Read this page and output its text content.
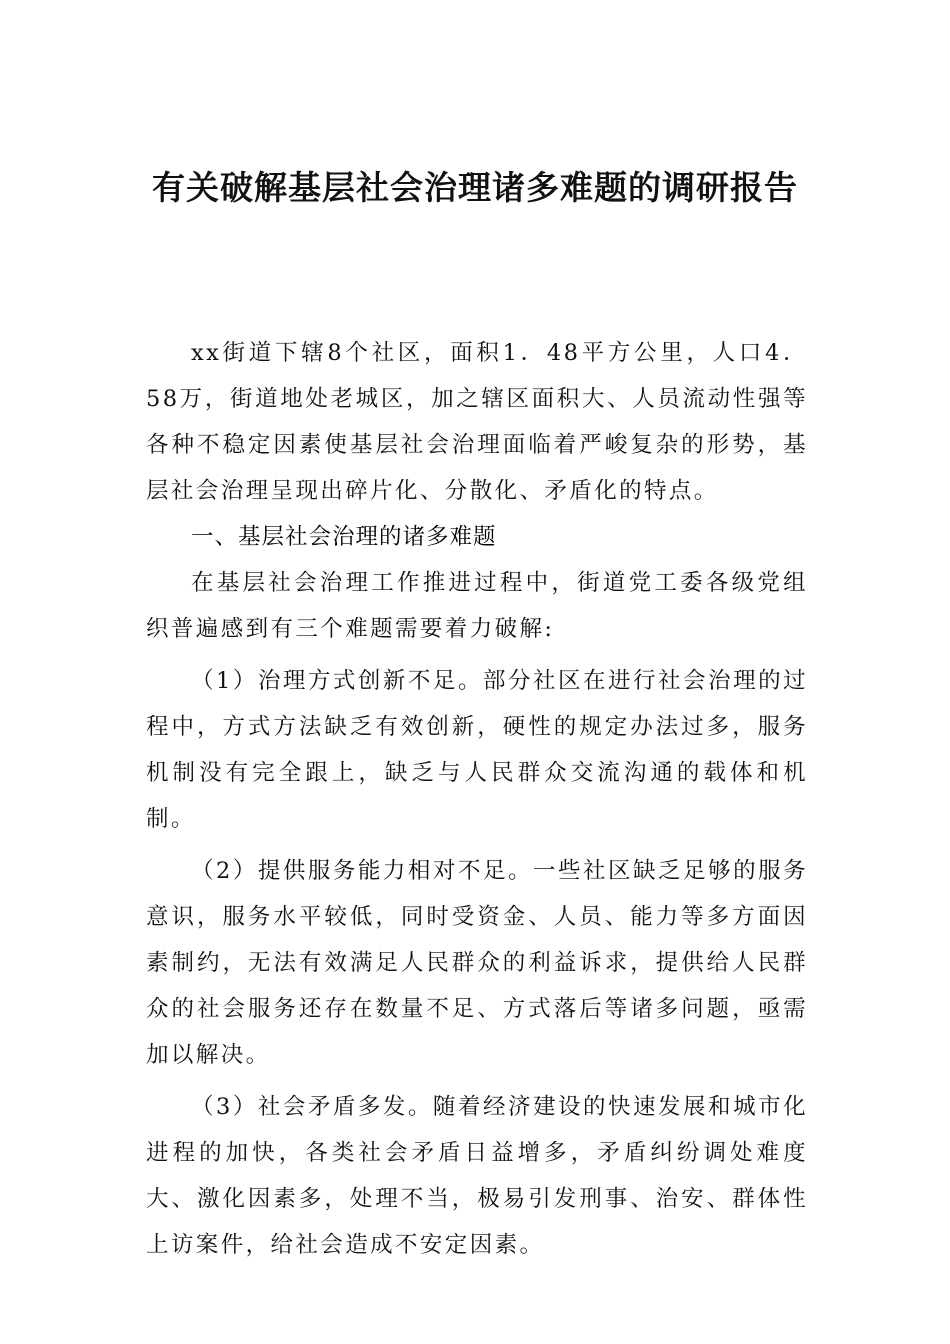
有关破解基层社会治理诸多难题的调研报告

xx街道下辖8个社区，面积1．48平方公里，人口4．58万，街道地处老城区，加之辖区面积大、人员流动性强等各种不稳定因素使基层社会治理面临着严峻复杂的形势，基层社会治理呈现出碎片化、分散化、矛盾化的特点。

一、基层社会治理的诸多难题

在基层社会治理工作推进过程中，街道党工委各级党组织普遍感到有三个难题需要着力破解:

（1）治理方式创新不足。部分社区在进行社会治理的过程中，方式方法缺乏有效创新，硬性的规定办法过多，服务机制没有完全跟上，缺乏与人民群众交流沟通的载体和机制。

（2）提供服务能力相对不足。一些社区缺乏足够的服务意识，服务水平较低，同时受资金、人员、能力等多方面因素制约，无法有效满足人民群众的利益诉求，提供给人民群众的社会服务还存在数量不足、方式落后等诸多问题，亟需加以解决。

（3）社会矛盾多发。随着经济建设的快速发展和城市化进程的加快，各类社会矛盾日益增多，矛盾纠纷调处难度大、激化因素多，处理不当，极易引发刑事、治安、群体性上访案件，给社会造成不安定因素。
